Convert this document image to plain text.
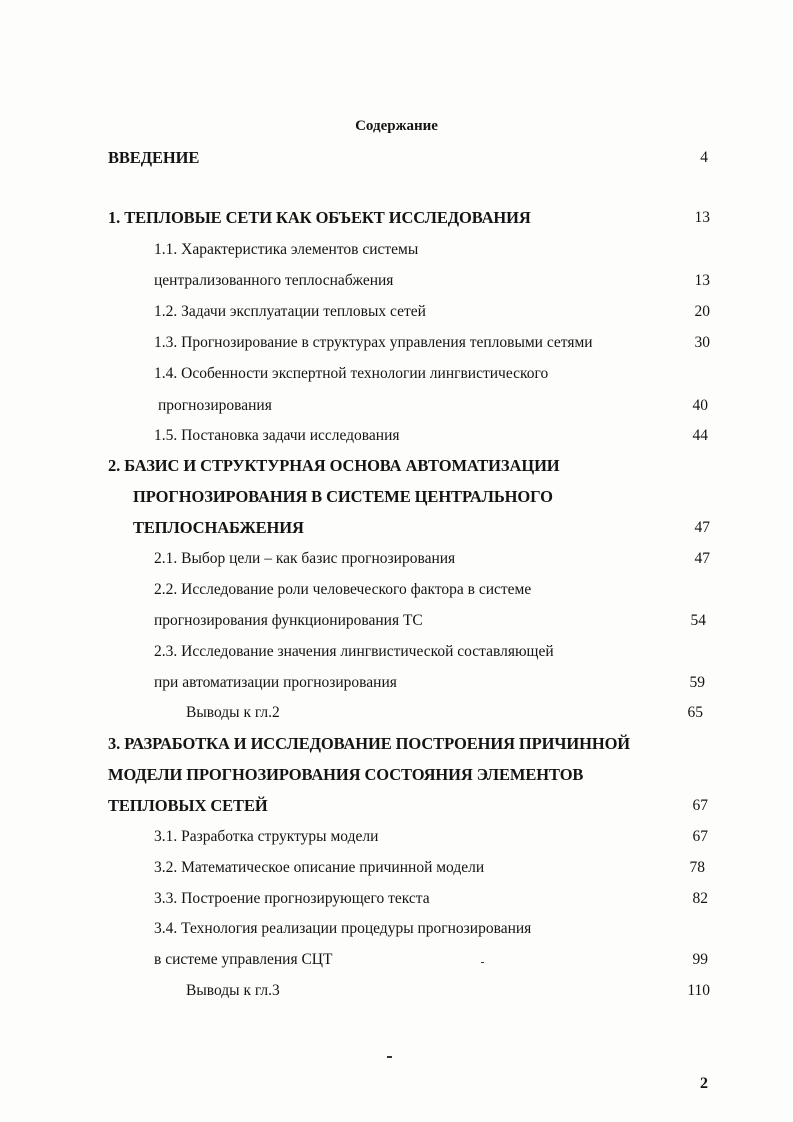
Содержание
ВВЕДЕНИЕ	4
1. ТЕПЛОВЫЕ СЕТИ КАК ОБЪЕКТ ИССЛЕДОВАНИЯ	13
1.1. Характеристика элементов системы
централизованного теплоснабжения	13
1.2. Задачи эксплуатации тепловых сетей	20
1.3. Прогнозирование в структурах управления тепловыми сетями	30
1.4. Особенности экспертной технологии лингвистического
прогнозирования	40
1.5. Постановка задачи исследования	44
2. БАЗИС И СТРУКТУРНАЯ ОСНОВА АВТОМАТИЗАЦИИ
ПРОГНОЗИРОВАНИЯ В СИСТЕМЕ ЦЕНТРАЛЬНОГО
ТЕПЛОСНАБЖЕНИЯ	47
2.1. Выбор цели – как базис прогнозирования	47
2.2. Исследование роли человеческого фактора в системе
прогнозирования функционирования ТС	54
2.3. Исследование значения лингвистической составляющей
при автоматизации прогнозирования	59
Выводы к гл.2	65
3. РАЗРАБОТКА И ИССЛЕДОВАНИЕ ПОСТРОЕНИЯ ПРИЧИННОЙ
МОДЕЛИ ПРОГНОЗИРОВАНИЯ СОСТОЯНИЯ ЭЛЕМЕНТОВ
ТЕПЛОВЫХ СЕТЕЙ	67
3.1. Разработка структуры модели	67
3.2. Математическое описание причинной модели	78
3.3. Построение прогнозирующего текста	82
3.4. Технология реализации процедуры прогнозирования
в системе управления СЦТ	99
Выводы к гл.3	110
2
